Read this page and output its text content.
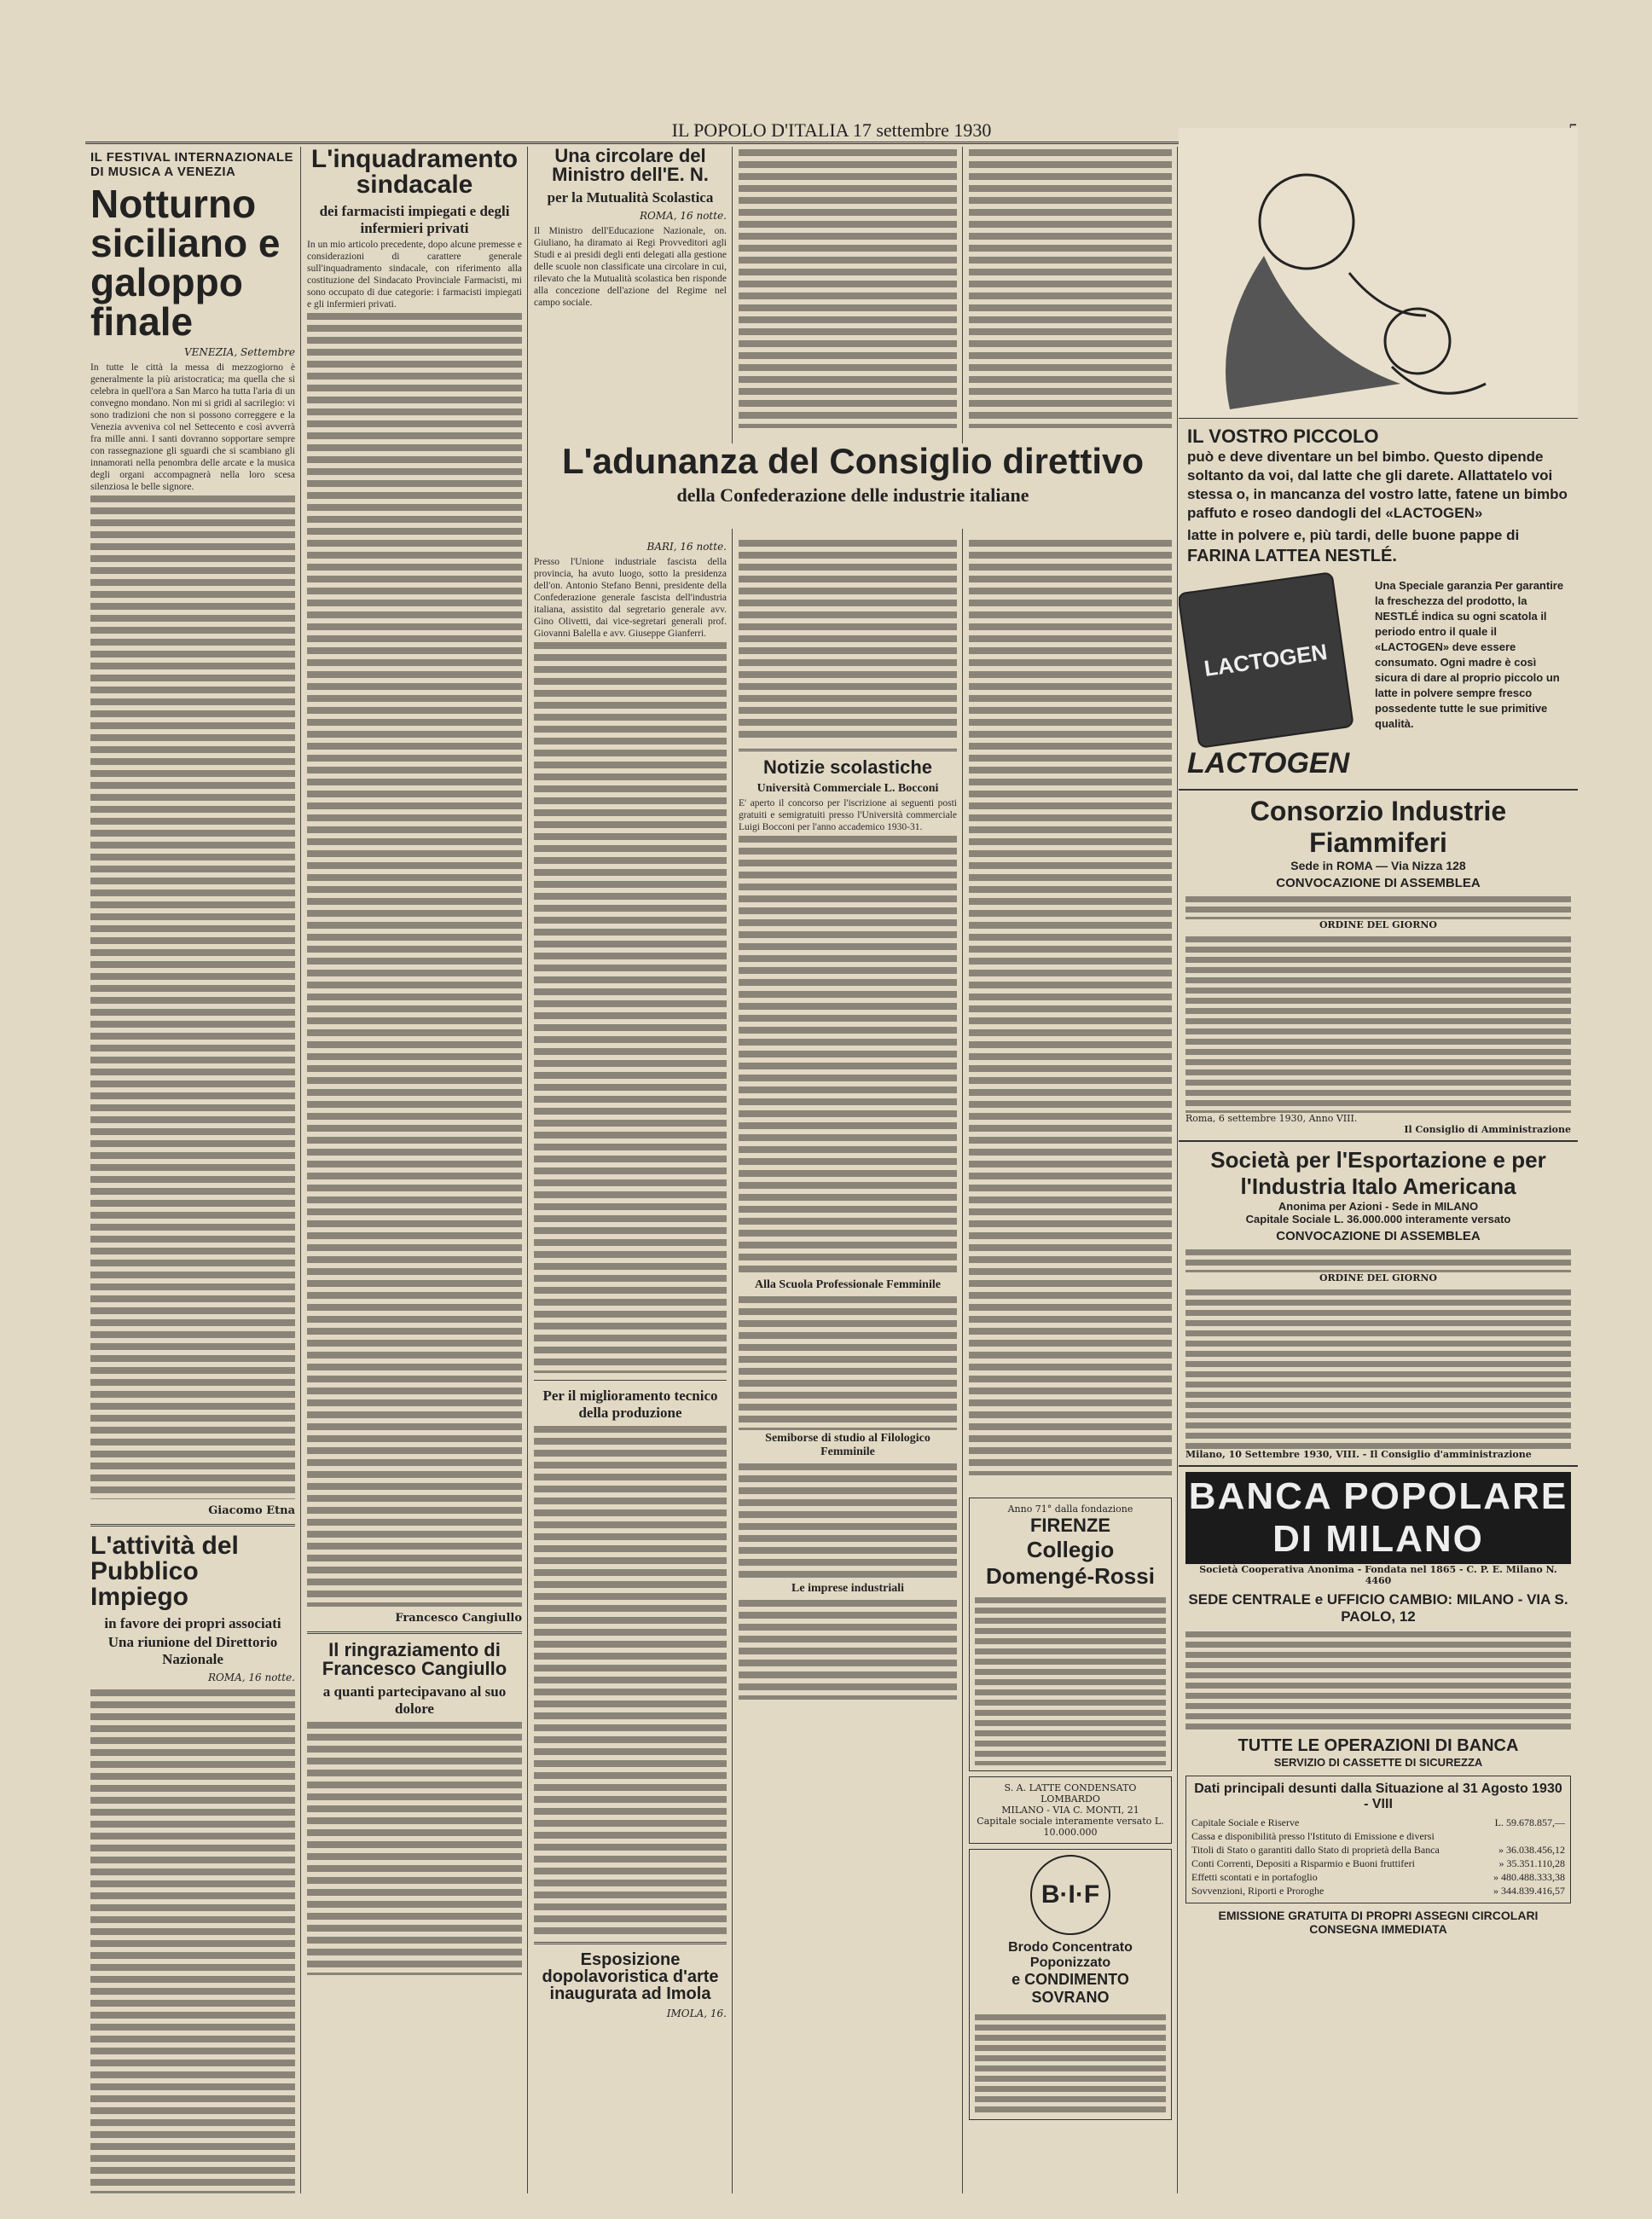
IL POPOLO D'ITALIA 17 settembre 1930
IL FESTIVAL INTERNAZIONALE DI MUSICA A VENEZIA
Notturno siciliano e galoppo finale
VENEZIA, Settembre
In tutte le città la messa di mezzogiorno è generalmente la più aristocratica; ma quella che si celebra in quell'ora a San Marco ha tutta l'aria di un convegno mondano. Non mi si gridi al sacrilegio: vi sono tradizioni che non si possono correggere e la Venezia avveniva col nel Settecento e così avverrà fra mille anni. I santi dovranno sopportare sempre con rassegnazione gli sguardi che si scambiano gli innamorati nella penombra delle arcate e la musica degli organi accompagnerà nella loro scesa silenziosa le belle signore.
Giacomo Etna
L'attività del Pubblico Impiego
in favore dei propri associati
Una riunione del Direttorio Nazionale
ROMA, 16 notte.
L'inquadramento sindacale
dei farmacisti impiegati e degli infermieri privati
In un mio articolo precedente, dopo alcune premesse e considerazioni di carattere generale sull'inquadramento sindacale, con riferimento alla costituzione del Sindacato Provinciale Farmacisti, mi sono occupato di due categorie: i farmacisti impiegati e gli infermieri privati.
Francesco Cangiullo
Il ringraziamento di Francesco Cangiullo
a quanti partecipavano al suo dolore
Una circolare del Ministro dell'E. N.
per la Mutualità Scolastica
ROMA, 16 notte.
Il Ministro dell'Educazione Nazionale, on. Giuliano, ha diramato ai Regi Provveditori agli Studi e ai presidi degli enti delegati alla gestione delle scuole non classificate una circolare in cui, rilevato che la Mutualità scolastica ben risponde alla concezione dell'azione del Regime nel campo sociale.
L'adunanza del Consiglio direttivo
della Confederazione delle industrie italiane
BARI, 16 notte.
Presso l'Unione industriale fascista della provincia, ha avuto luogo, sotto la presidenza dell'on. Antonio Stefano Benni, presidente della Confederazione generale fascista dell'industria italiana, assistito dal segretario generale avv. Gino Olivetti, dai vice-segretari generali prof. Giovanni Balella e avv. Giuseppe Gianferri.
Per il miglioramento tecnico della produzione
Esposizione dopolavoristica d'arte inaugurata ad Imola
IMOLA, 16.
Notizie scolastiche
Università Commerciale L. Bocconi
E' aperto il concorso per l'iscrizione ai seguenti posti gratuiti e semigratuiti presso l'Università commerciale Luigi Bocconi per l'anno accademico 1930-31.
Alla Scuola Professionale Femminile
Semiborse di studio al Filologico Femminile
Le imprese industriali
Anno 71° dalla fondazione
FIRENZE
Collegio Domengé-Rossi
S. A. LATTE CONDENSATO LOMBARDO
MILANO - VIA C. MONTI, 21
Capitale sociale interamente versato L. 10.000.000
B·I·F
Brodo Concentrato Poponizzato
e CONDIMENTO SOVRANO
IL VOSTRO PICCOLO
può e deve diventare un bel bimbo. Questo dipende soltanto da voi, dal latte che gli darete. Allattatelo voi stessa o, in mancanza del vostro latte, fatene un bimbo paffuto e roseo dandogli del «LACTOGEN»
latte in polvere e, più tardi, delle buone pappe di
FARINA LATTEA NESTLÉ.
LACTOGEN
LACTOGEN
Una Speciale garanzia Per garantire la freschezza del prodotto, la NESTLÉ indica su ogni scatola il periodo entro il quale il «LACTOGEN» deve essere consumato. Ogni madre è così sicura di dare al proprio piccolo un latte in polvere sempre fresco possedente tutte le sue primitive qualità.
Consorzio Industrie Fiammiferi
Sede in ROMA — Via Nizza 128
CONVOCAZIONE DI ASSEMBLEA
ORDINE DEL GIORNO
Roma, 6 settembre 1930, Anno VIII.
Il Consiglio di Amministrazione
Società per l'Esportazione e per l'Industria Italo Americana
Anonima per Azioni - Sede in MILANO
Capitale Sociale L. 36.000.000 interamente versato
CONVOCAZIONE DI ASSEMBLEA
ORDINE DEL GIORNO
Milano, 10 Settembre 1930, VIII. - Il Consiglio d'amministrazione
BANCA POPOLARE DI MILANO
Società Cooperativa Anonima - Fondata nel 1865 - C. P. E. Milano N. 4460
SEDE CENTRALE e UFFICIO CAMBIO: MILANO - VIA S. PAOLO, 12
TUTTE LE OPERAZIONI DI BANCA
SERVIZIO DI CASSETTE DI SICUREZZA
Dati principali desunti dalla Situazione al 31 Agosto 1930 - VIII
Capitale Sociale e Riserve	L. 59.678.857,—
Cassa e disponibilità presso l'Istituto di Emissione e diversi
Titoli di Stato o garantiti dallo Stato di proprietà della Banca	» 36.038.456,12
Conti Correnti, Depositi a Risparmio e Buoni fruttiferi	» 35.351.110,28
Effetti scontati e in portafoglio	» 480.488.333,38
Sovvenzioni, Riporti e Proroghe	» 344.839.416,57
EMISSIONE GRATUITA DI PROPRI ASSEGNI CIRCOLARI
CONSEGNA IMMEDIATA
